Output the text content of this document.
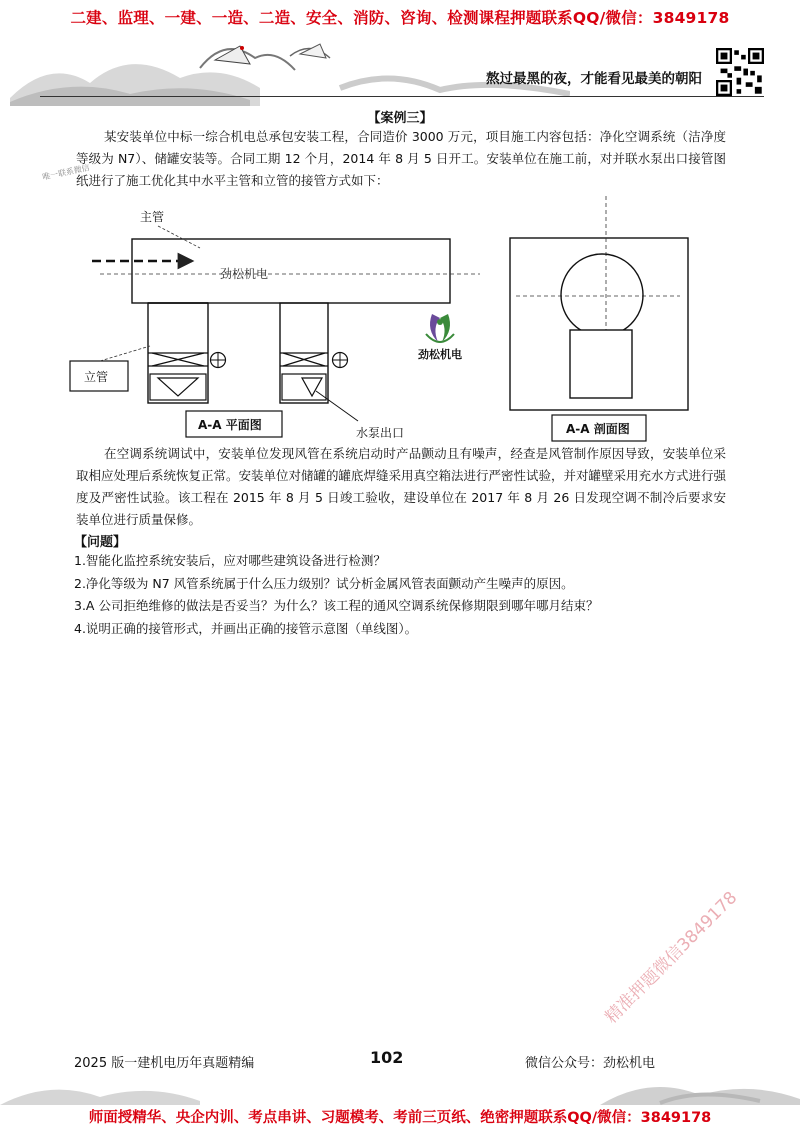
二建、监理、一建、一造、二造、安全、消防、咨询、检测课程押题联系QQ/微信：3849178
熬过最黑的夜，才能看见最美的朝阳
【案例三】

某安装单位中标一综合机电总承包安装工程，合同造价 3000 万元，项目施工内容包括：净化空调系统（洁净度等级为 N7）、储罐安装等。合同工期 12 个月，2014 年 8 月 5 日开工。安装单位在施工前，对并联水泵出口接管图纸进行了施工优化其中水平主管和立管的接管方式如下：

唯一联系微信
劲松机电
主管
立管
A-A 平面图
水泵出口
劲松机电
A-A 剖面图

在空调系统调试中，安装单位发现风管在系统启动时产品颤动且有噪声，经查是风管制作原因导致，安装单位采取相应处理后系统恢复正常。安装单位对储罐的罐底焊缝采用真空箱法进行严密性试验，并对罐壁采用充水方式进行强度及严密性试验。该工程在 2015 年 8 月 5 日竣工验收，建设单位在 2017 年 8 月 26 日发现空调不制冷后要求安装单位进行质量保修。

【问题】
1.智能化监控系统安装后，应对哪些建筑设备进行检测？
2.净化等级为 N7 风管系统属于什么压力级别？试分析金属风管表面颤动产生噪声的原因。
3.A 公司拒绝维修的做法是否妥当？为什么？该工程的通风空调系统保修期限到哪年哪月结束？
4.说明正确的接管形式，并画出正确的接管示意图（单线图）。
精准押题微信3849178
2025 版一建机电历年真题精编	102	微信公众号：劲松机电
师面授精华、央企内训、考点串讲、习题模考、考前三页纸、绝密押题联系QQ/微信：3849178
